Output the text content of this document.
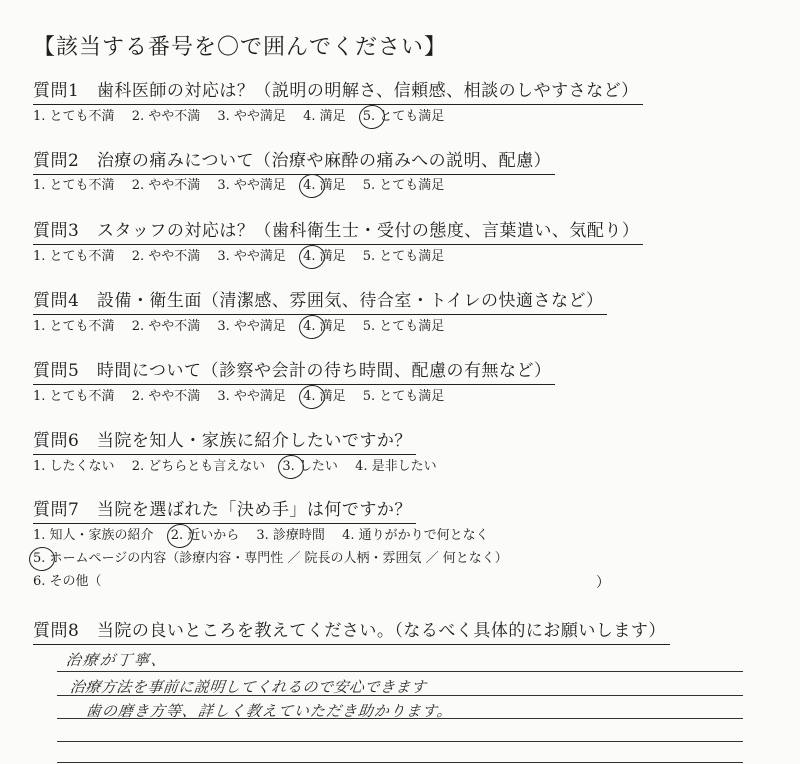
【該当する番号を〇で囲んでください】
質問1　歯科医師の対応は？（説明の明解さ、信頼感、相談のしやすさなど）
1. とても不満 2. やや不満 3. やや満足 4. 満足 5. とても満足
質問2　治療の痛みについて（治療や麻酔の痛みへの説明、配慮）
1. とても不満 2. やや不満 3. やや満足 4. 満足 5. とても満足
質問3　スタッフの対応は？（歯科衛生士・受付の態度、言葉遣い、気配り）
1. とても不満 2. やや不満 3. やや満足 4. 満足 5. とても満足
質問4　設備・衛生面（清潔感、雰囲気、待合室・トイレの快適さなど）
1. とても不満 2. やや不満 3. やや満足 4. 満足 5. とても満足
質問5　時間について（診察や会計の待ち時間、配慮の有無など）
1. とても不満 2. やや不満 3. やや満足 4. 満足 5. とても満足
質問6　当院を知人・家族に紹介したいですか？
1. したくない 2. どちらとも言えない 3. したい 4. 是非したい
質問7　当院を選ばれた「決め手」は何ですか？
1. 知人・家族の紹介 2. 近いから 3. 診療時間 4. 通りがかりで何となく
5. ホームページの内容（診療内容・専門性 ／ 院長の人柄・雰囲気 ／ 何となく）
6. その他（	）
質問8　当院の良いところを教えてください。（なるべく具体的にお願いします）
治療が丁寧、
治療方法を事前に説明してくれるので安心できます
歯の磨き方等、詳しく教えていただき助かります。
